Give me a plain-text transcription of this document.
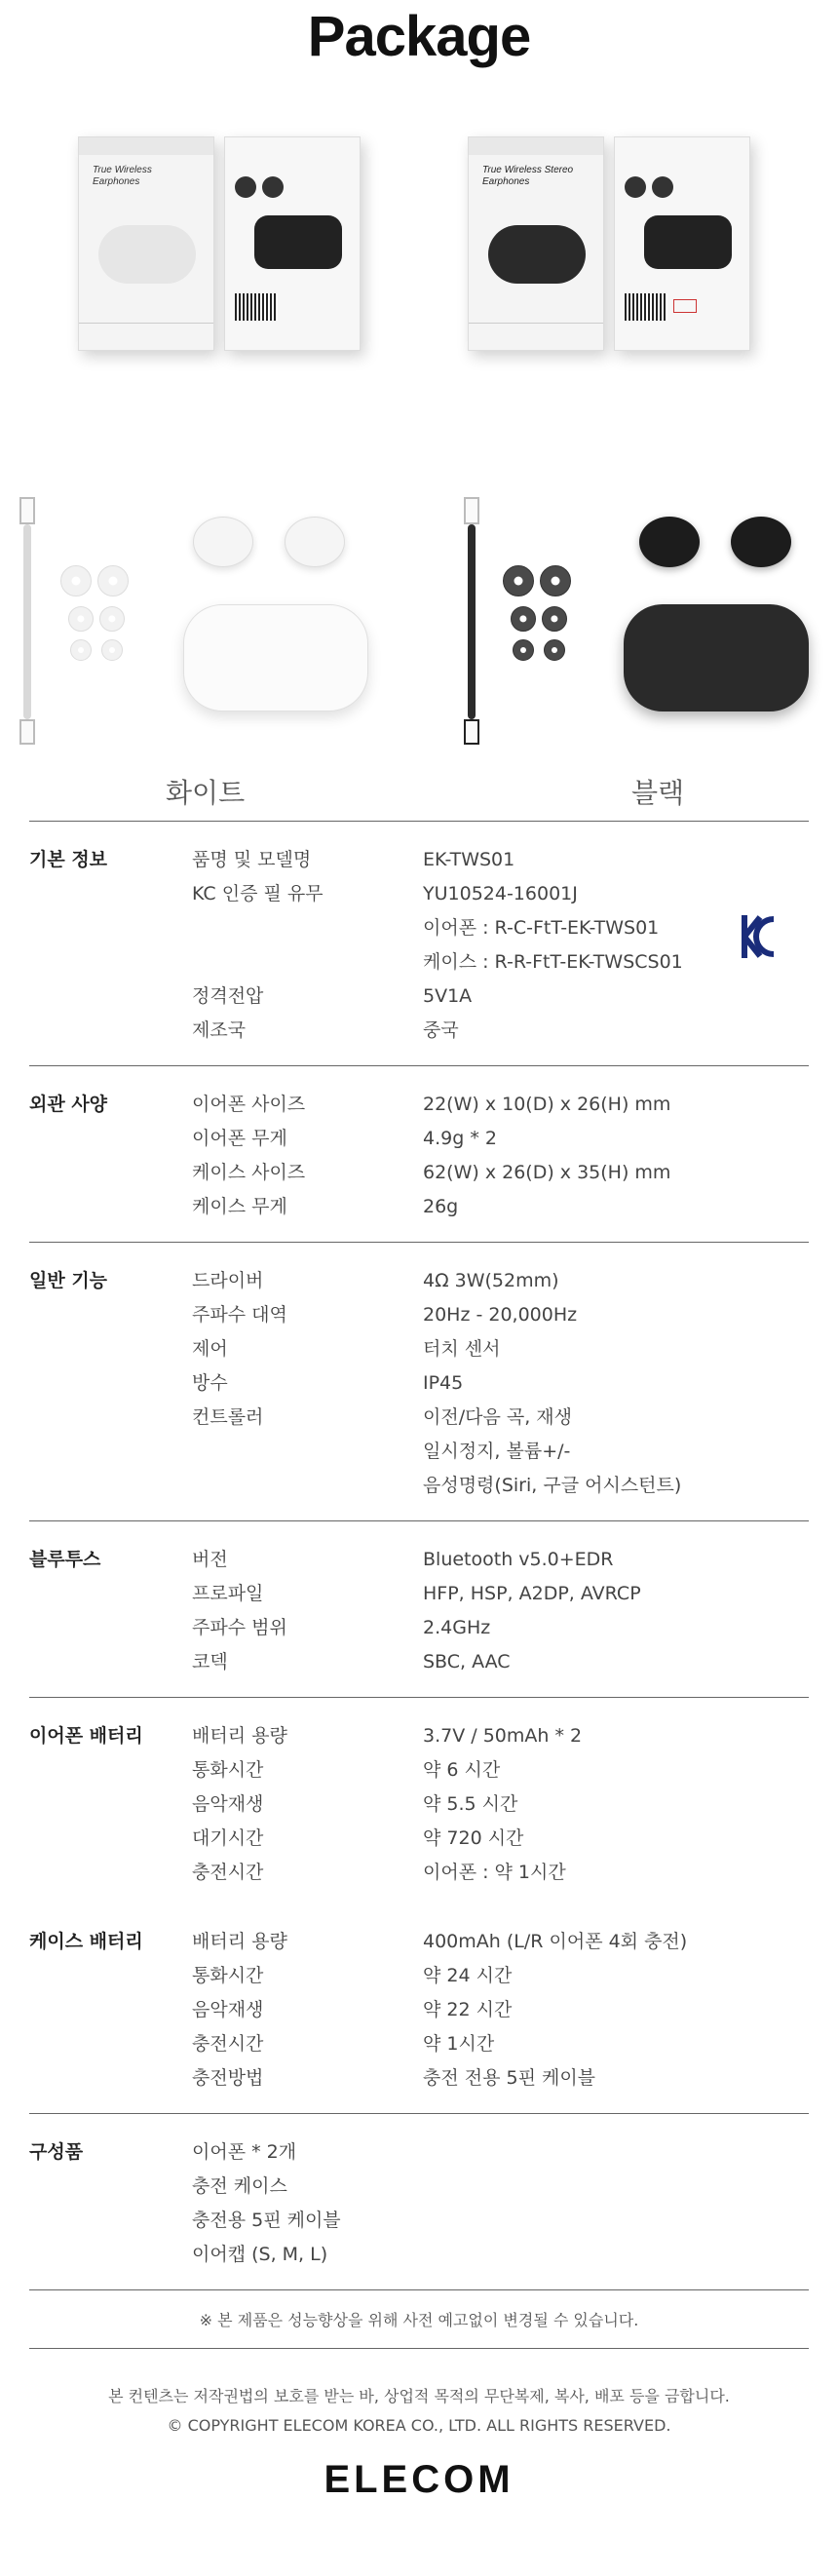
Package
True Wireless
Earphones
True Wireless Stereo
Earphones
화이트	블랙
기본 정보	품명 및 모델명	EK-TWS01
KC 인증 필 유무	YU10524-16001J
이어폰 : R-C-FtT-EK-TWS01
케이스 : R-R-FtT-EK-TWSCS01
정격전압	5V1A
제조국	중국
외관 사양	이어폰 사이즈	22(W) x 10(D) x 26(H) mm
이어폰 무게	4.9g * 2
케이스 사이즈	62(W) x 26(D) x 35(H) mm
케이스 무게	26g
일반 기능	드라이버	4Ω 3W(52mm)
주파수 대역	20Hz - 20,000Hz
제어	터치 센서
방수	IP45
컨트롤러	이전/다음 곡, 재생
일시정지, 볼륨+/-
음성명령(Siri, 구글 어시스턴트)
블루투스	버전	Bluetooth v5.0+EDR
프로파일	HFP, HSP, A2DP, AVRCP
주파수 범위	2.4GHz
코덱	SBC, AAC
이어폰 배터리	배터리 용량	3.7V / 50mAh * 2
통화시간	약 6 시간
음악재생	약 5.5 시간
대기시간	약 720 시간
충전시간	이어폰 : 약 1시간
케이스 배터리	배터리 용량	400mAh (L/R 이어폰 4회 충전)
통화시간	약 24 시간
음악재생	약 22 시간
충전시간	약 1시간
충전방법	충전 전용 5핀 케이블
구성품	이어폰 * 2개
충전 케이스
충전용 5핀 케이블
이어캡 (S, M, L)
※ 본 제품은 성능향상을 위해 사전 예고없이 변경될 수 있습니다.
본 컨텐츠는 저작권법의 보호를 받는 바, 상업적 목적의 무단복제, 복사, 배포 등을 금합니다.
© COPYRIGHT ELECOM KOREA CO., LTD. ALL RIGHTS RESERVED.
ELECOM
